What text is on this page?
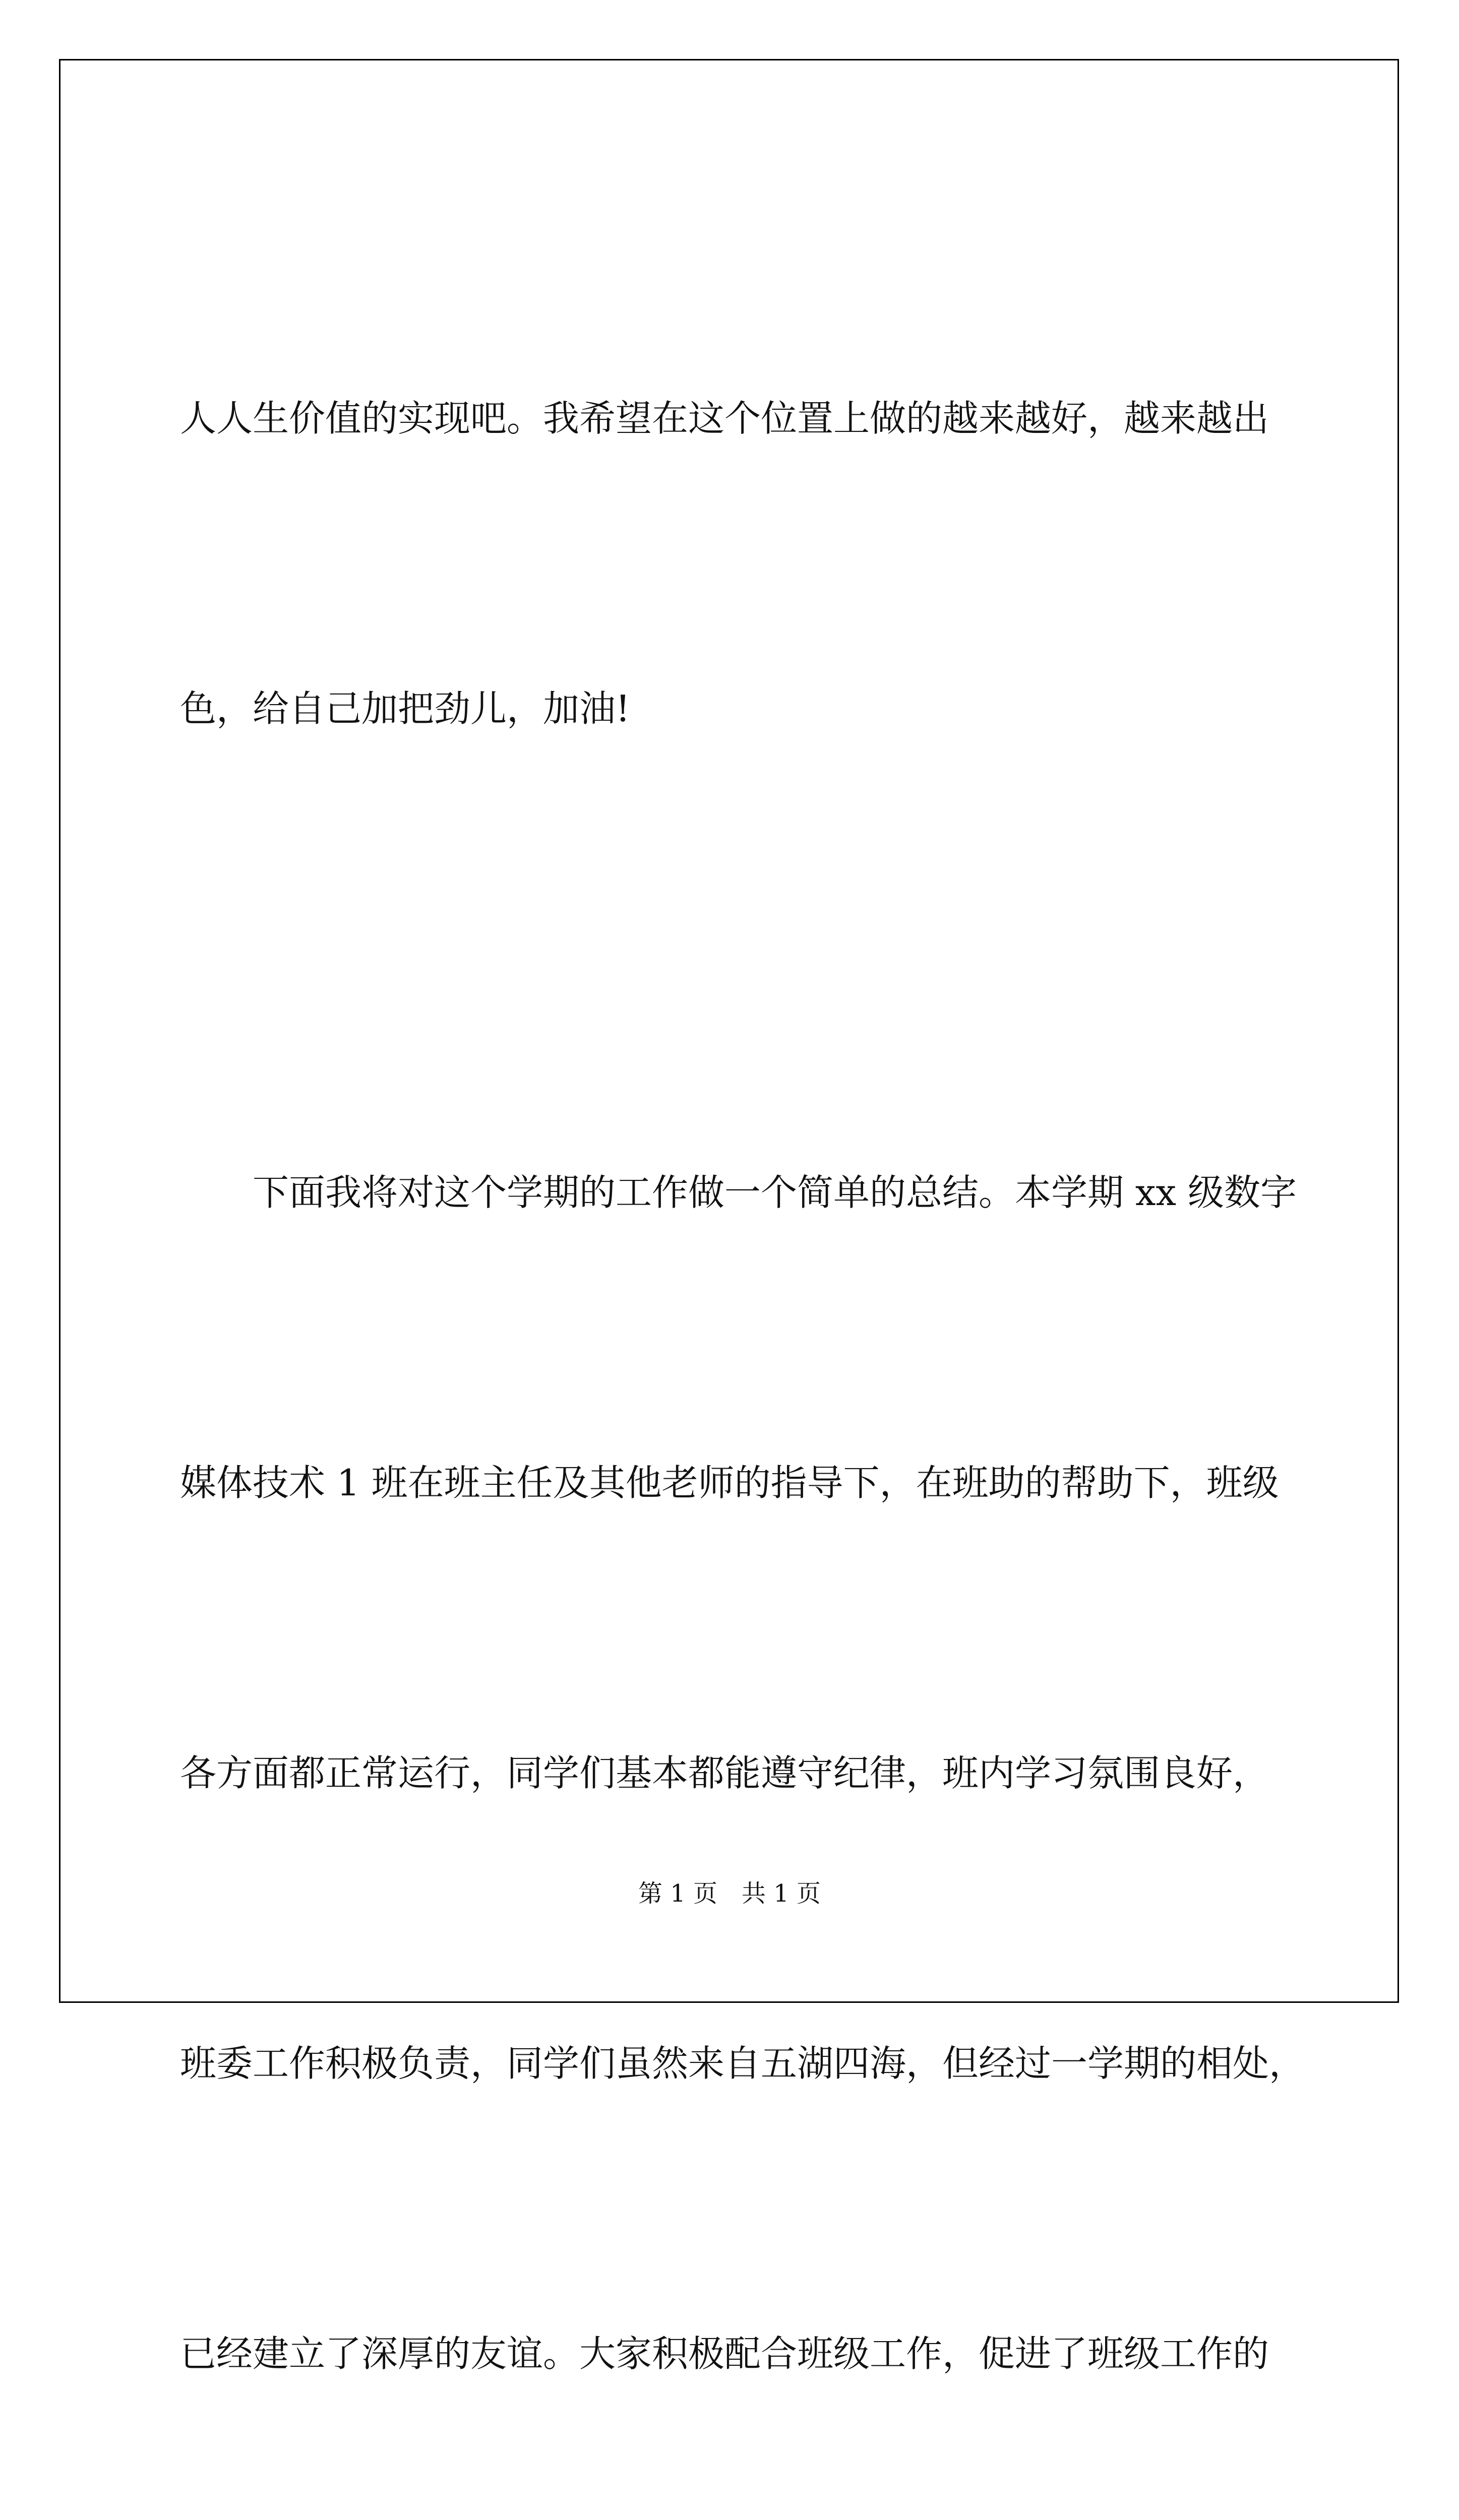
人人生价值的实现吧。我希望在这个位置上做的越来越好，越来越出

色，给自己加把劲儿，加油!

下面我将对这个学期的工作做一个简单的总结。本学期 xx 级数字

媒体技术 1 班在班主任及其他老师的指导下，在班助的帮助下，班级

各方面都正常运行，同学们基本都能遵守纪律，班内学习氛围良好，

班委工作积极负责，同学们虽然来自五湖四海，但经过一学期的相处，

已经建立了深厚的友谊。大家积极配合班级工作，促进了班级工作的

第 1 页　共 1 页
